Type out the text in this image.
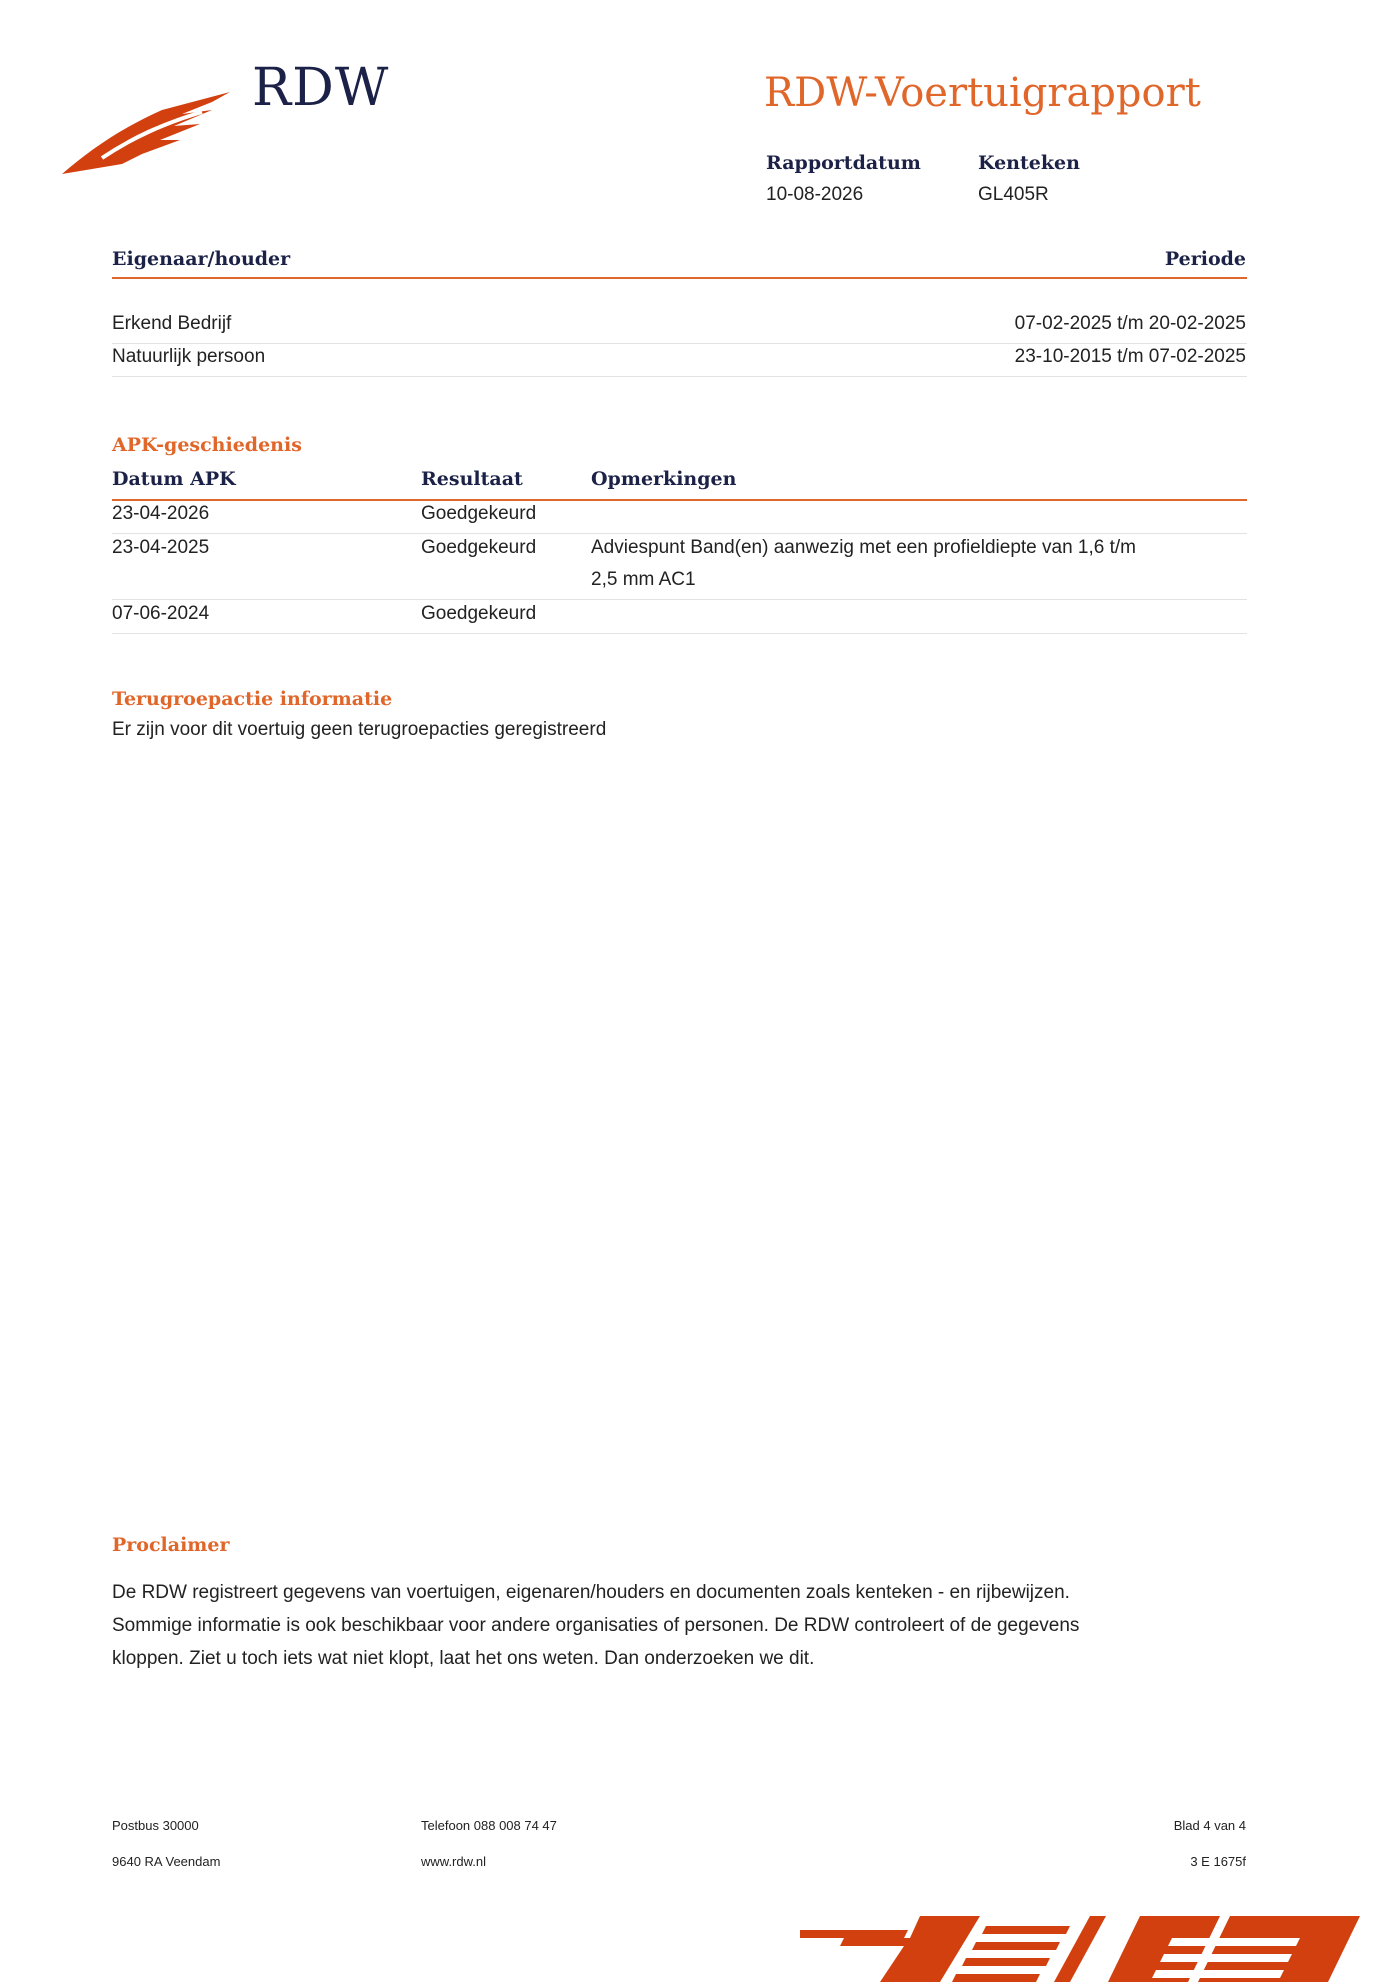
RDW	RDW-Voertuigrapport
Rapportdatum
10-08-2026
Kenteken
GL405R
Eigenaar/houder	Periode
Erkend Bedrijf	07-02-2025 t/m 20-02-2025
Natuurlijk persoon	23-10-2015 t/m 07-02-2025
APK-geschiedenis
Datum APK	Resultaat	Opmerkingen
23-04-2026	Goedgekeurd
23-04-2025	Goedgekeurd	Adviespunt Band(en) aanwezig met een profieldiepte van 1,6 t/m
2,5 mm AC1
07-06-2024	Goedgekeurd
Terugroepactie informatie
Er zijn voor dit voertuig geen terugroepacties geregistreerd
Proclaimer
De RDW registreert gegevens van voertuigen, eigenaren/houders en documenten zoals kenteken - en rijbewijzen.
Sommige informatie is ook beschikbaar voor andere organisaties of personen. De RDW controleert of de gegevens
kloppen. Ziet u toch iets wat niet klopt, laat het ons weten. Dan onderzoeken we dit.
Postbus 30000
9640 RA Veendam
Telefoon 088 008 74 47
www.rdw.nl
Blad 4 van 4
3 E 1675f
